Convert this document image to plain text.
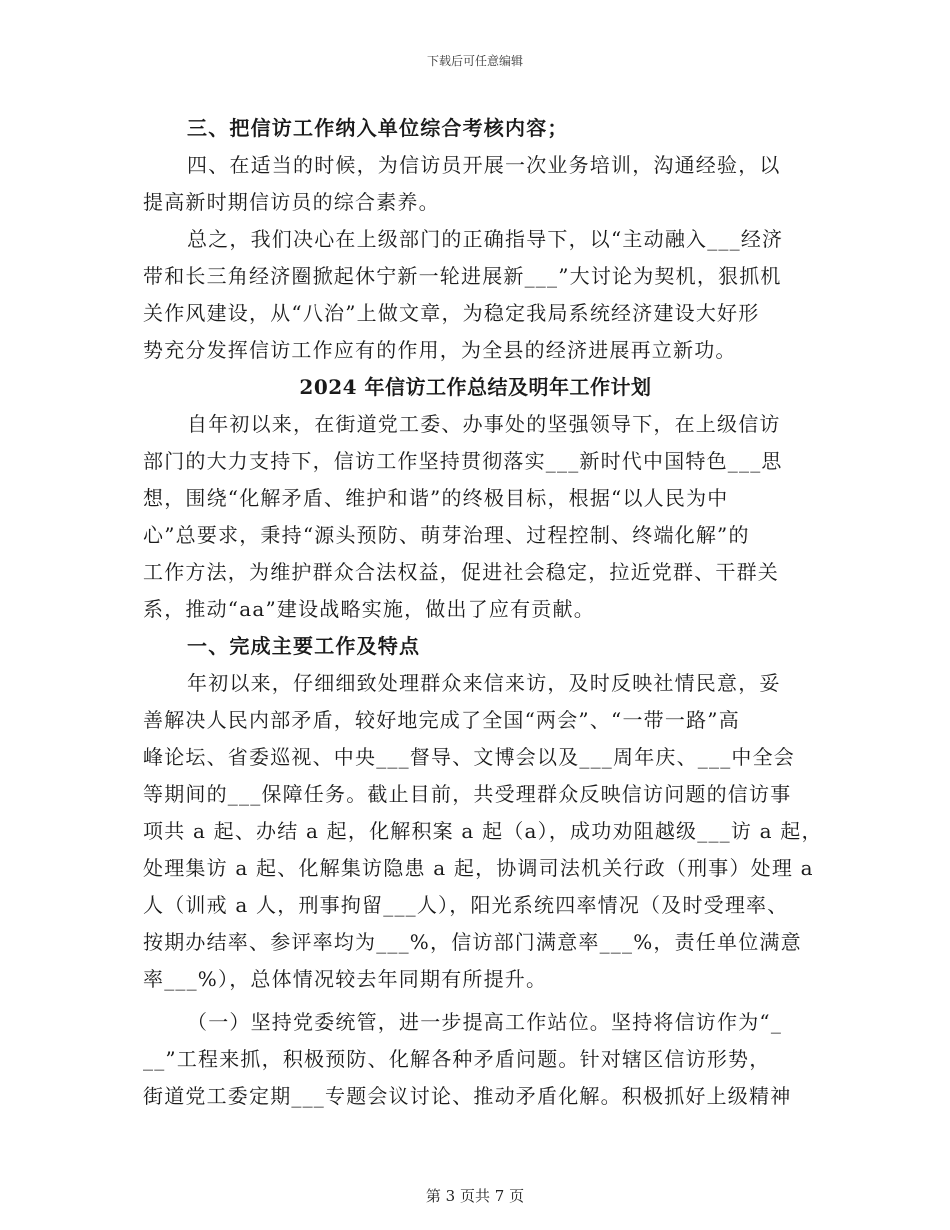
下载后可任意编辑
三、把信访工作纳入单位综合考核内容；
四、在适当的时候，为信访员开展一次业务培训，沟通经验，以
提高新时期信访员的综合素养。
总之，我们决心在上级部门的正确指导下，以“主动融入___经济
带和长三角经济圈掀起休宁新一轮进展新___”大讨论为契机，狠抓机
关作风建设，从“八治”上做文章，为稳定我局系统经济建设大好形
势充分发挥信访工作应有的作用，为全县的经济进展再立新功。
2024 年信访工作总结及明年工作计划
自年初以来，在街道党工委、办事处的坚强领导下，在上级信访
部门的大力支持下，信访工作坚持贯彻落实___新时代中国特色___思
想，围绕“化解矛盾、维护和谐”的终极目标，根据“以人民为中
心”总要求，秉持“源头预防、萌芽治理、过程控制、终端化解”的
工作方法，为维护群众合法权益，促进社会稳定，拉近党群、干群关
系，推动“aa”建设战略实施，做出了应有贡献。
一、完成主要工作及特点
年初以来，仔细细致处理群众来信来访，及时反映社情民意，妥
善解决人民内部矛盾，较好地完成了全国“两会”、“一带一路”高
峰论坛、省委巡视、中央___督导、文博会以及___周年庆、___中全会
等期间的___保障任务。截止目前，共受理群众反映信访问题的信访事
项共 a 起、办结 a 起，化解积案 a 起（a），成功劝阻越级___访 a 起，
处理集访 a 起、化解集访隐患 a 起，协调司法机关行政（刑事）处理 a
人（训戒 a 人，刑事拘留___人），阳光系统四率情况（及时受理率、
按期办结率、参评率均为___%，信访部门满意率___%，责任单位满意
率___%），总体情况较去年同期有所提升。
（一）坚持党委统管，进一步提高工作站位。坚持将信访作为“_
__”工程来抓，积极预防、化解各种矛盾问题。针对辖区信访形势，
街道党工委定期___专题会议讨论、推动矛盾化解。积极抓好上级精神
第 3 页共 7 页
